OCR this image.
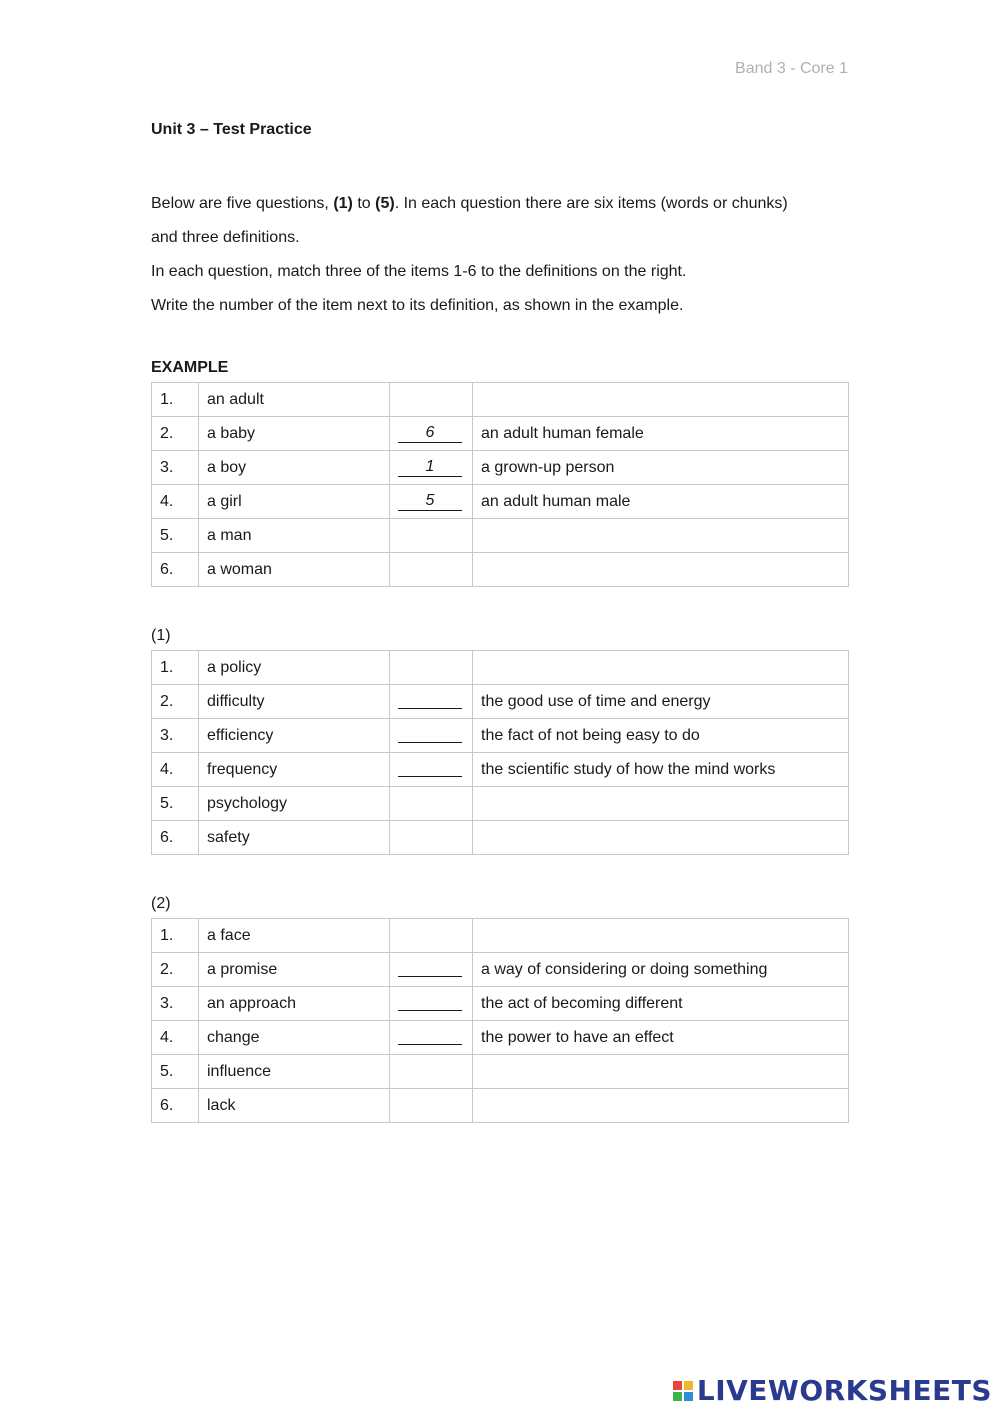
Band 3 - Core 1

Unit 3 – Test Practice

Below are five questions, (1) to (5). In each question there are six items (words or chunks)

and three definitions.

In each question, match three of the items 1-6 to the definitions on the right.

Write the number of the item next to its definition, as shown in the example.

EXAMPLE

1.	an adult		
2.	a baby	6	an adult human female
3.	a boy	1	a grown-up person
4.	a girl	5	an adult human male
5.	a man		
6.	a woman		

(1)

1.	a policy		
2.	difficulty		the good use of time and energy
3.	efficiency		the fact of not being easy to do
4.	frequency		the scientific study of how the mind works
5.	psychology		
6.	safety		

(2)

1.	a face		
2.	a promise		a way of considering or doing something
3.	an approach		the act of becoming different
4.	change		the power to have an effect
5.	influence		
6.	lack		
LIVEWORKSHEETS
